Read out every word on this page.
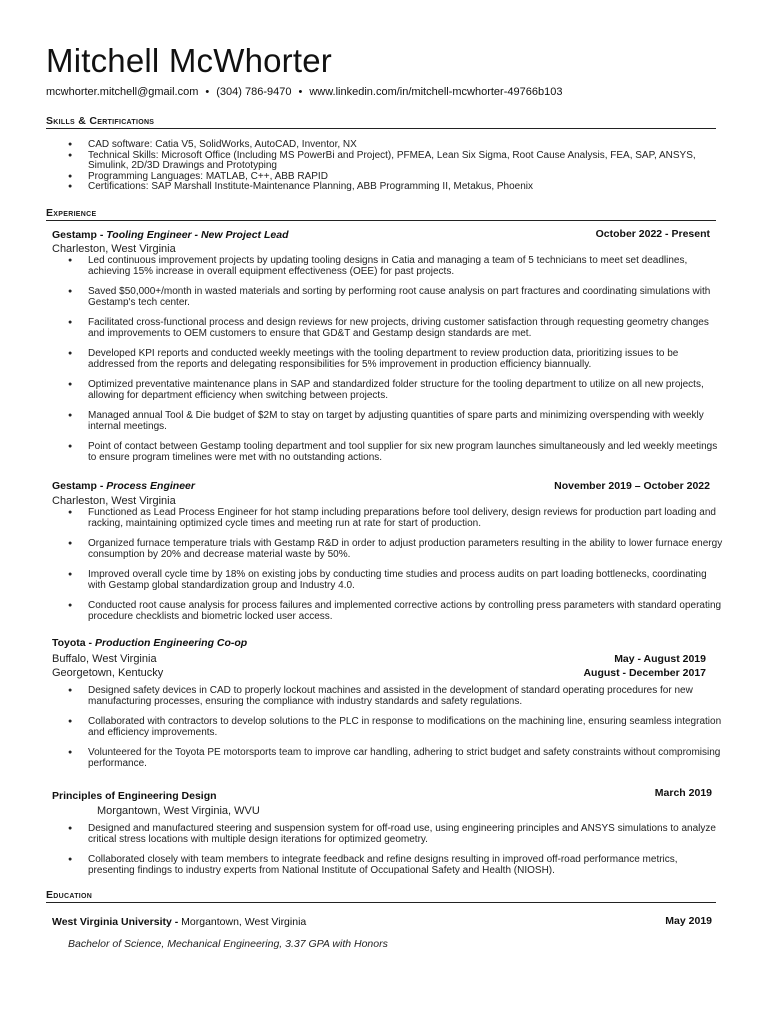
Mitchell McWhorter
mcwhorter.mitchell@gmail.com • (304) 786-9470 • www.linkedin.com/in/mitchell-mcwhorter-49766b103
Skills & Certifications
● CAD software: Catia V5, SolidWorks, AutoCAD, Inventor, NX
● Technical Skills: Microsoft Office (Including MS PowerBi and Project), PFMEA, Lean Six Sigma, Root Cause Analysis, FEA, SAP, ANSYS, Simulink, 2D/3D Drawings and Prototyping
● Programming Languages: MATLAB, C++, ABB RAPID
● Certifications: SAP Marshall Institute-Maintenance Planning, ABB Programming II, Metakus, Phoenix
Experience
Gestamp - Tooling Engineer - New Project Lead	October 2022 - Present
Charleston, West Virginia
● Led continuous improvement projects by updating tooling designs in Catia and managing a team of 5 technicians to meet set deadlines, achieving 15% increase in overall equipment effectiveness (OEE) for past projects.
● Saved $50,000+/month in wasted materials and sorting by performing root cause analysis on part fractures and coordinating simulations with Gestamp's tech center.
● Facilitated cross-functional process and design reviews for new projects, driving customer satisfaction through requesting geometry changes and improvements to OEM customers to ensure that GD&T and Gestamp design standards are met.
● Developed KPI reports and conducted weekly meetings with the tooling department to review production data, prioritizing issues to be addressed from the reports and delegating responsibilities for 5% improvement in production efficiency biannually.
● Optimized preventative maintenance plans in SAP and standardized folder structure for the tooling department to utilize on all new projects, allowing for department efficiency when switching between projects.
● Managed annual Tool & Die budget of $2M to stay on target by adjusting quantities of spare parts and minimizing overspending with weekly internal meetings.
● Point of contact between Gestamp tooling department and tool supplier for six new program launches simultaneously and led weekly meetings to ensure program timelines were met with no outstanding actions.
Gestamp - Process Engineer	November 2019 – October 2022
Charleston, West Virginia
● Functioned as Lead Process Engineer for hot stamp including preparations before tool delivery, design reviews for production part loading and racking, maintaining optimized cycle times and meeting run at rate for start of production.
● Organized furnace temperature trials with Gestamp R&D in order to adjust production parameters resulting in the ability to lower furnace energy consumption by 20% and decrease material waste by 50%.
● Improved overall cycle time by 18% on existing jobs by conducting time studies and process audits on part loading bottlenecks, coordinating with Gestamp global standardization group and Industry 4.0.
● Conducted root cause analysis for process failures and implemented corrective actions by controlling press parameters with standard operating procedure checklists and biometric locked user access.
Toyota - Production Engineering Co-op
Buffalo, West Virginia	May - August 2019
Georgetown, Kentucky	August - December 2017
● Designed safety devices in CAD to properly lockout machines and assisted in the development of standard operating procedures for new manufacturing processes, ensuring the compliance with industry standards and safety regulations.
● Collaborated with contractors to develop solutions to the PLC in response to modifications on the machining line, ensuring seamless integration and efficiency improvements.
● Volunteered for the Toyota PE motorsports team to improve car handling, adhering to strict budget and safety constraints without compromising performance.
Principles of Engineering Design	March 2019
Morgantown, West Virginia, WVU
● Designed and manufactured steering and suspension system for off-road use, using engineering principles and ANSYS simulations to analyze critical stress locations with multiple design iterations for optimized geometry.
● Collaborated closely with team members to integrate feedback and refine designs resulting in improved off-road performance metrics, presenting findings to industry experts from National Institute of Occupational Safety and Health (NIOSH).
Education
West Virginia University - Morgantown, West Virginia	May 2019
Bachelor of Science, Mechanical Engineering, 3.37 GPA with Honors
